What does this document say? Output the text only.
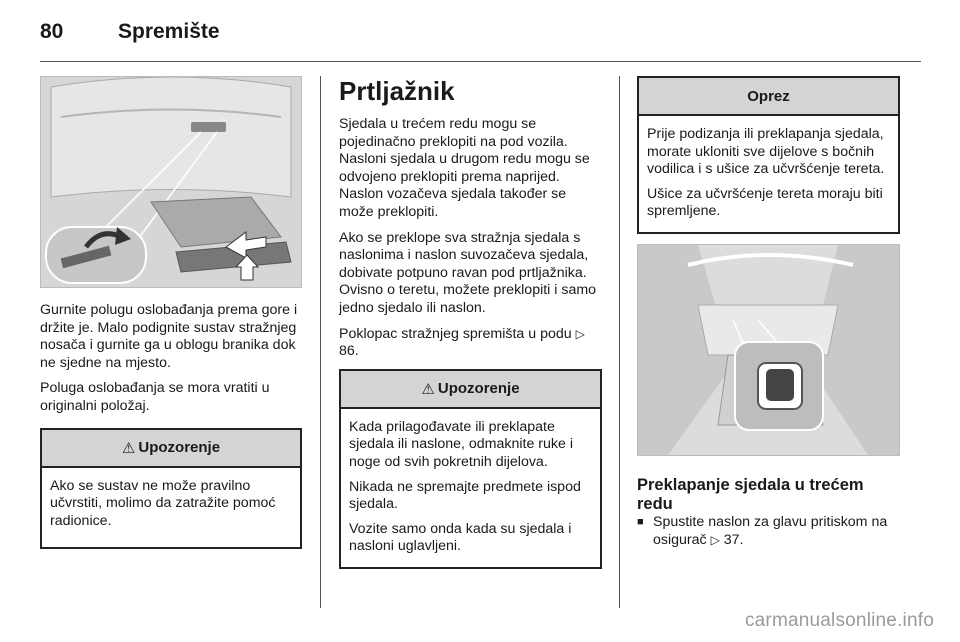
80	Spremište

Gurnite polugu oslobađanja prema gore i držite je. Malo podignite sustav stražnjeg nosača i gurnite ga u oblogu branika dok ne sjedne na mjesto.

Poluga oslobađanja se mora vratiti u originalni položaj.

⚠ Upozorenje

Ako se sustav ne može pravilno učvrstiti, molimo da zatražite pomoć radionice.

Prtljažnik

Sjedala u trećem redu mogu se pojedinačno preklopiti na pod vozila. Nasloni sjedala u drugom redu mogu se odvojeno preklopiti prema naprijed. Naslon vozačeva sjedala također se može preklopiti.

Ako se preklope sva stražnja sjedala s naslonima i naslon suvozačeva sjedala, dobivate potpuno ravan pod prtljažnika. Ovisno o teretu, možete preklopiti i samo jedno sjedalo ili naslon.

Poklopac stražnjeg spremišta u podu ▷ 86.

⚠ Upozorenje

Kada prilagođavate ili preklapate sjedala ili naslone, odmaknite ruke i noge od svih pokretnih dijelova.

Nikada ne spremajte predmete ispod sjedala.

Vozite samo onda kada su sjedala i nasloni uglavljeni.

Oprez

Prije podizanja ili preklapanja sjedala, morate ukloniti sve dijelove s bočnih vodilica i s ušice za učvršćenje tereta.

Ušice za učvršćenje tereta moraju biti spremljene.

Preklapanje sjedala u trećem redu
■ Spustite naslon za glavu pritiskom na osigurač ▷ 37.
carmanualsonline.info
